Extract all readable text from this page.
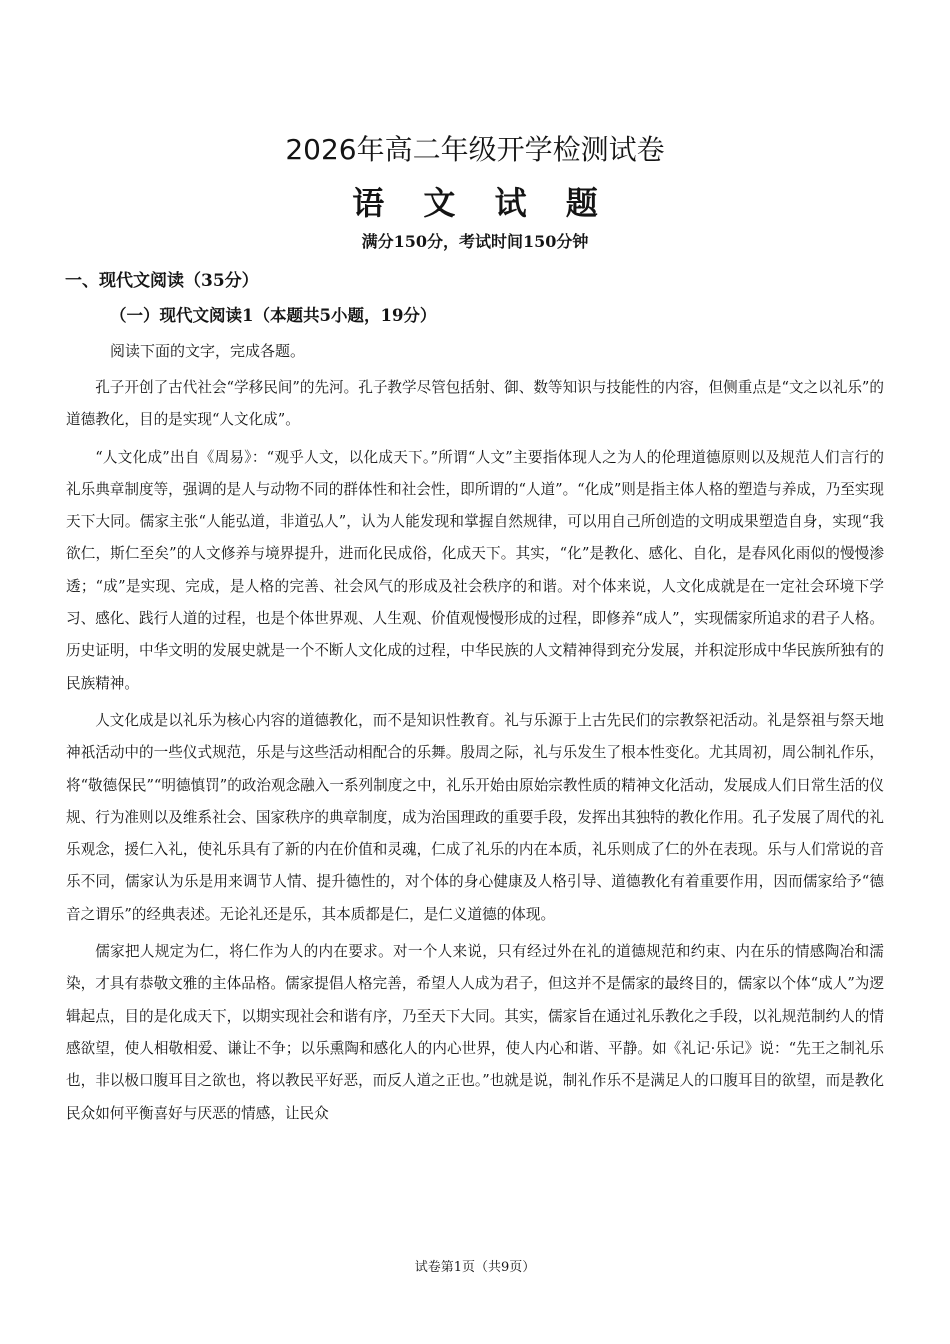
2026年高二年级开学检测试卷
语 文 试 题
满分150分，考试时间150分钟
一、现代文阅读（35分）
（一）现代文阅读1（本题共5小题，19分）
阅读下面的文字，完成各题。

孔子开创了古代社会“学移民间”的先河。孔子教学尽管包括射、御、数等知识与技能性的内容，但侧重点是“文之以礼乐”的道德教化，目的是实现“人文化成”。

“人文化成”出自《周易》：“观乎人文，以化成天下。”所谓“人文”主要指体现人之为人的伦理道德原则以及规范人们言行的礼乐典章制度等，强调的是人与动物不同的群体性和社会性，即所谓的“人道”。“化成”则是指主体人格的塑造与养成，乃至实现天下大同。儒家主张“人能弘道，非道弘人”，认为人能发现和掌握自然规律，可以用自己所创造的文明成果塑造自身，实现“我欲仁，斯仁至矣”的人文修养与境界提升，进而化民成俗，化成天下。其实，“化”是教化、感化、自化，是春风化雨似的慢慢渗透；“成”是实现、完成，是人格的完善、社会风气的形成及社会秩序的和谐。对个体来说，人文化成就是在一定社会环境下学习、感化、践行人道的过程，也是个体世界观、人生观、价值观慢慢形成的过程，即修养“成人”，实现儒家所追求的君子人格。历史证明，中华文明的发展史就是一个不断人文化成的过程，中华民族的人文精神得到充分发展，并积淀形成中华民族所独有的民族精神。

人文化成是以礼乐为核心内容的道德教化，而不是知识性教育。礼与乐源于上古先民们的宗教祭祀活动。礼是祭祖与祭天地神祇活动中的一些仪式规范，乐是与这些活动相配合的乐舞。殷周之际，礼与乐发生了根本性变化。尤其周初，周公制礼作乐，将“敬德保民”“明德慎罚”的政治观念融入一系列制度之中，礼乐开始由原始宗教性质的精神文化活动，发展成人们日常生活的仪规、行为准则以及维系社会、国家秩序的典章制度，成为治国理政的重要手段，发挥出其独特的教化作用。孔子发展了周代的礼乐观念，援仁入礼，使礼乐具有了新的内在价值和灵魂，仁成了礼乐的内在本质，礼乐则成了仁的外在表现。乐与人们常说的音乐不同，儒家认为乐是用来调节人情、提升德性的，对个体的身心健康及人格引导、道德教化有着重要作用，因而儒家给予“德音之谓乐”的经典表述。无论礼还是乐，其本质都是仁，是仁义道德的体现。

儒家把人规定为仁，将仁作为人的内在要求。对一个人来说，只有经过外在礼的道德规范和约束、内在乐的情感陶冶和濡染，才具有恭敬文雅的主体品格。儒家提倡人格完善，希望人人成为君子，但这并不是儒家的最终目的，儒家以个体“成人”为逻辑起点，目的是化成天下，以期实现社会和谐有序，乃至天下大同。其实，儒家旨在通过礼乐教化之手段，以礼规范制约人的情感欲望，使人相敬相爱、谦让不争；以乐熏陶和感化人的内心世界，使人内心和谐、平静。如《礼记·乐记》说：“先王之制礼乐也，非以极口腹耳目之欲也，将以教民平好恶，而反人道之正也。”也就是说，制礼作乐不是满足人的口腹耳目的欲望，而是教化民众如何平衡喜好与厌恶的情感，让民众

试卷第1页（共9页）
